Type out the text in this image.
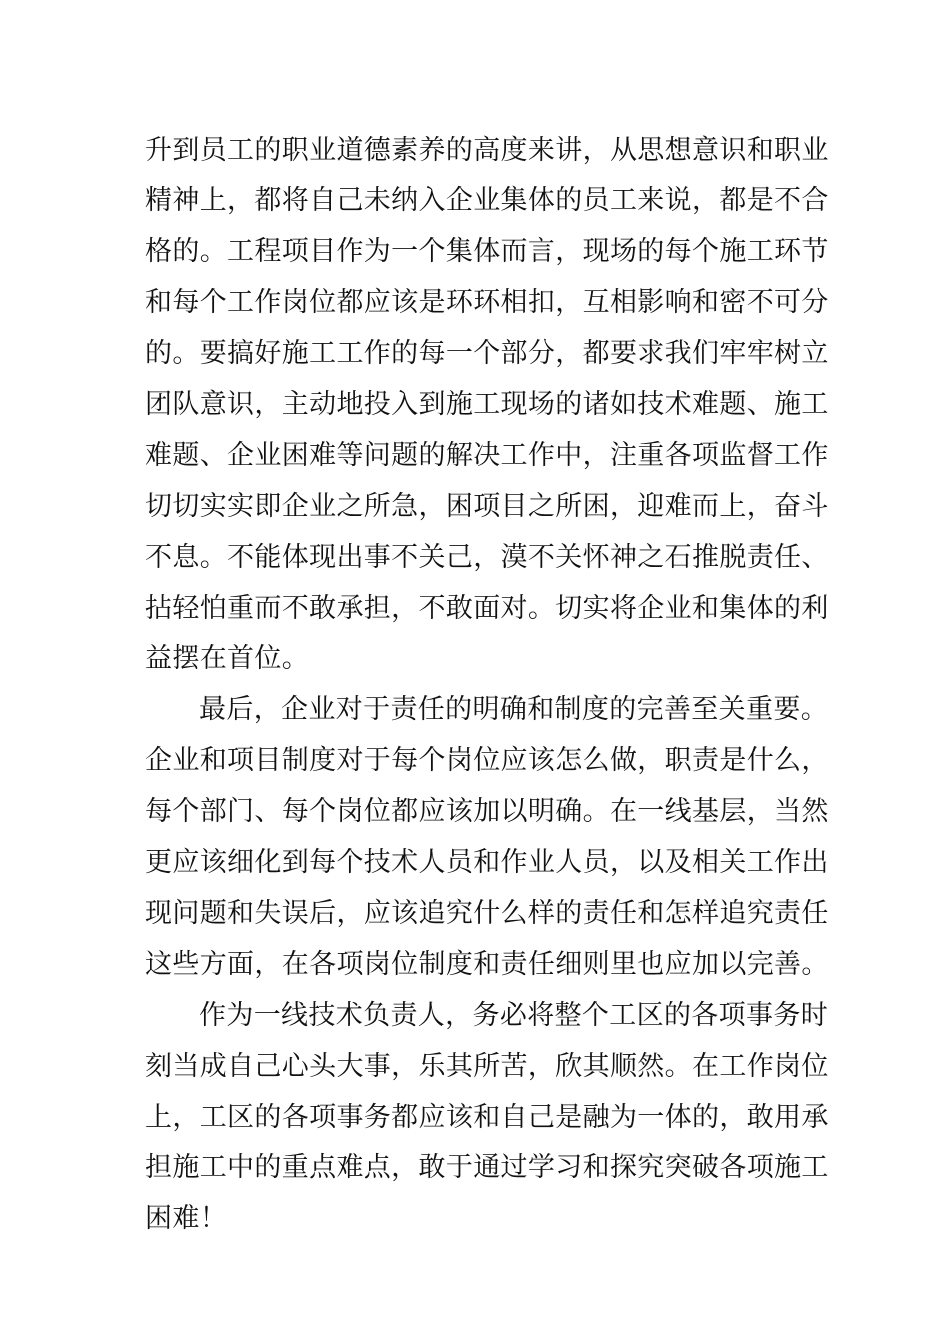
升到员工的职业道德素养的高度来讲，从思想意识和职业
精神上，都将自己未纳入企业集体的员工来说，都是不合
格的。工程项目作为一个集体而言，现场的每个施工环节
和每个工作岗位都应该是环环相扣，互相影响和密不可分
的。要搞好施工工作的每一个部分，都要求我们牢牢树立
团队意识，主动地投入到施工现场的诸如技术难题、施工
难题、企业困难等问题的解决工作中，注重各项监督工作
切切实实即企业之所急，困项目之所困，迎难而上，奋斗
不息。不能体现出事不关己，漠不关怀神之石推脱责任、
拈轻怕重而不敢承担，不敢面对。切实将企业和集体的利
益摆在首位。
最后，企业对于责任的明确和制度的完善至关重要。
企业和项目制度对于每个岗位应该怎么做，职责是什么，
每个部门、每个岗位都应该加以明确。在一线基层，当然
更应该细化到每个技术人员和作业人员，以及相关工作出
现问题和失误后，应该追究什么样的责任和怎样追究责任
这些方面，在各项岗位制度和责任细则里也应加以完善。
作为一线技术负责人，务必将整个工区的各项事务时
刻当成自己心头大事，乐其所苦，欣其顺然。在工作岗位
上，工区的各项事务都应该和自己是融为一体的，敢用承
担施工中的重点难点，敢于通过学习和探究突破各项施工
困难！
